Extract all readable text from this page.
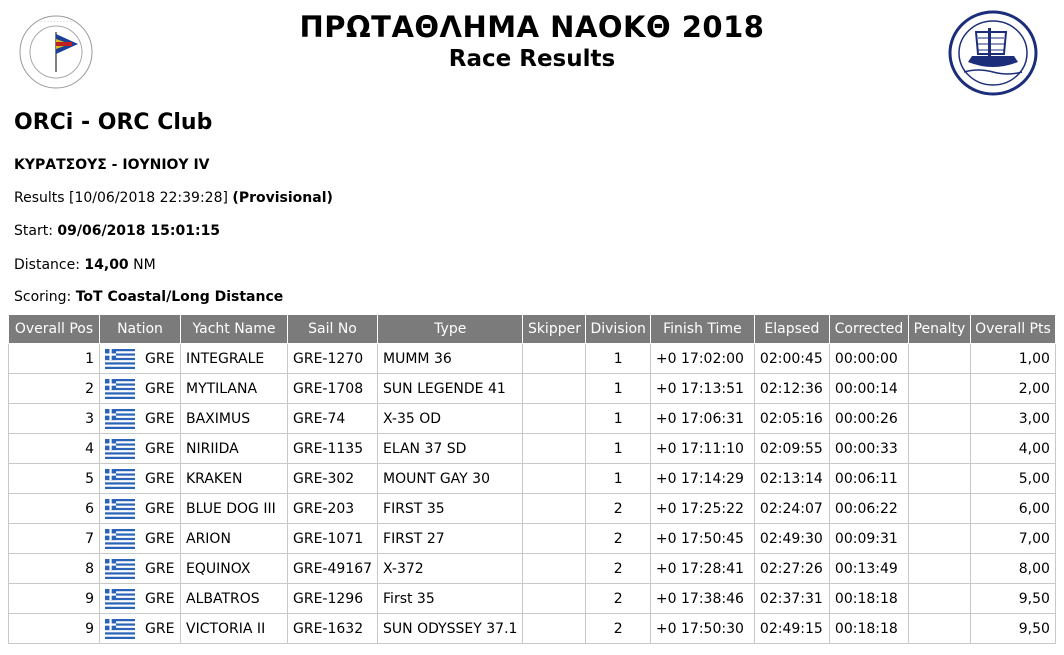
· · · · · · · · · ·	ΠΡΩΤΑΘΛΗΜΑ ΝΑΟΚΘ 2018
Race Results
ORCi - ORC Club
ΚΥΡΑΤΣΟΥΣ - ΙΟΥΝΙΟΥ IV
Results [10/06/2018 22:39:28] (Provisional)
Start: 09/06/2018 15:01:15
Distance: 14,00 NM
Scoring: ToT Coastal/Long Distance
Overall Pos	Nation	Yacht Name	Sail No	Type	Skipper	Division	Finish Time	Elapsed	Corrected	Penalty	Overall Pts
1	GRE	INTEGRALE	GRE-1270	MUMM 36		1	+0 17:02:00	02:00:45	00:00:00		1,00
2	GRE	MYTILANA	GRE-1708	SUN LEGENDE 41		1	+0 17:13:51	02:12:36	00:00:14		2,00
3	GRE	BAXIMUS	GRE-74	X-35 OD		1	+0 17:06:31	02:05:16	00:00:26		3,00
4	GRE	NIRIIDA	GRE-1135	ELAN 37 SD		1	+0 17:11:10	02:09:55	00:00:33		4,00
5	GRE	KRAKEN	GRE-302	MOUNT GAY 30		1	+0 17:14:29	02:13:14	00:06:11		5,00
6	GRE	BLUE DOG III	GRE-203	FIRST 35		2	+0 17:25:22	02:24:07	00:06:22		6,00
7	GRE	ARION	GRE-1071	FIRST 27		2	+0 17:50:45	02:49:30	00:09:31		7,00
8	GRE	EQUINOX	GRE-49167	X-372		2	+0 17:28:41	02:27:26	00:13:49		8,00
9	GRE	ALBATROS	GRE-1296	First 35		2	+0 17:38:46	02:37:31	00:18:18		9,50
9	GRE	VICTORIA II	GRE-1632	SUN ODYSSEY 37.1		2	+0 17:50:30	02:49:15	00:18:18		9,50
